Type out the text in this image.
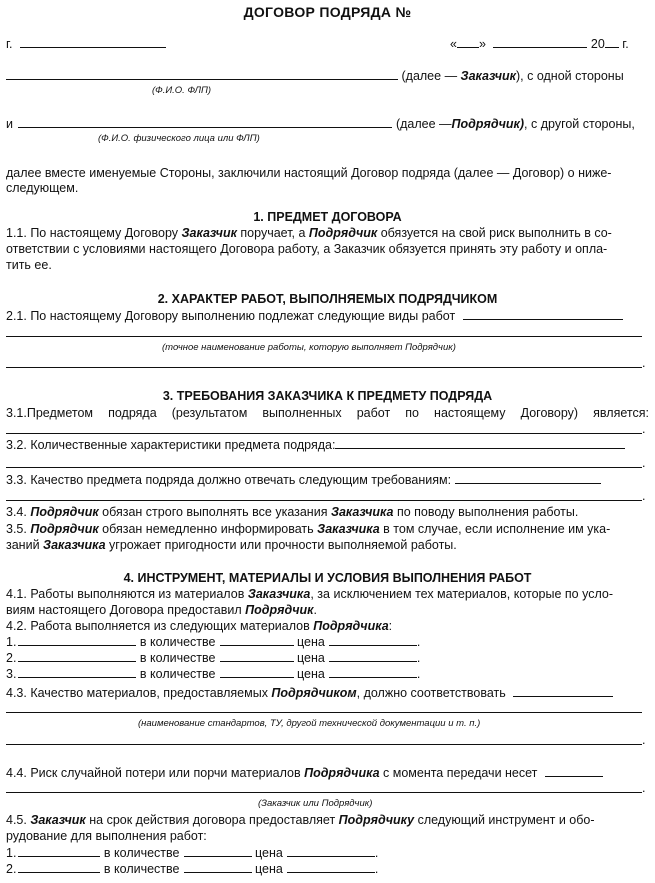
ДОГОВОР ПОДРЯДА №
г.	« »	20 г.
(далее — Заказчик), с одной стороны
(Ф.И.О. ФЛП)
и	(далее —Подрядчик), с другой стороны,
(Ф.И.О. физического лица или ФЛП)
далее вместе именуемые Стороны, заключили настоящий Договор подряда (далее — Договор) о ниже-
следующем.
1. ПРЕДМЕТ ДОГОВОРА
1.1. По настоящему Договору Заказчик поручает, а Подрядчик обязуется на свой риск выполнить в со-
ответствии с условиями настоящего Договора работу, а Заказчик обязуется принять эту работу и опла-
тить ее.
2. ХАРАКТЕР РАБОТ, ВЫПОЛНЯЕМЫХ ПОДРЯДЧИКОМ
2.1. По настоящему Договору выполнению подлежат следующие виды работ
(точное наименование работы, которую выполняет Подрядчик)
.
3. ТРЕБОВАНИЯ ЗАКАЗЧИКА К ПРЕДМЕТУ ПОДРЯДА
3.1.Предметом подряда (результатом выполненных работ по настоящему Договору) является:
.
3.2. Количественные характеристики предмета подряда:
.
3.3. Качество предмета подряда должно отвечать следующим требованиям:
.
3.4. Подрядчик обязан строго выполнять все указания Заказчика по поводу выполнения работы.
3.5. Подрядчик обязан немедленно информировать Заказчика в том случае, если исполнение им ука-
заний Заказчика угрожает пригодности или прочности выполняемой работы.
4. ИНСТРУМЕНТ, МАТЕРИАЛЫ И УСЛОВИЯ ВЫПОЛНЕНИЯ РАБОТ
4.1. Работы выполняются из материалов Заказчика, за исключением тех материалов, которые по усло-
виям настоящего Договора предоставил Подрядчик.
4.2. Работа выполняется из следующих материалов Подрядчика:
1.	в количестве	цена	.
2.	в количестве	цена	.
3.	в количестве	цена	.
4.3. Качество материалов, предоставляемых Подрядчиком, должно соответствовать
(наименование стандартов, ТУ, другой технической документации и т. п.)
.
4.4. Риск случайной потери или порчи материалов Подрядчика с момента передачи несет
.
(Заказчик или Подрядчик)
4.5. Заказчик на срок действия договора предоставляет Подрядчику следующий инструмент и обо-
рудование для выполнения работ:
1.	в количестве	цена	.
2.	в количестве	цена	.
